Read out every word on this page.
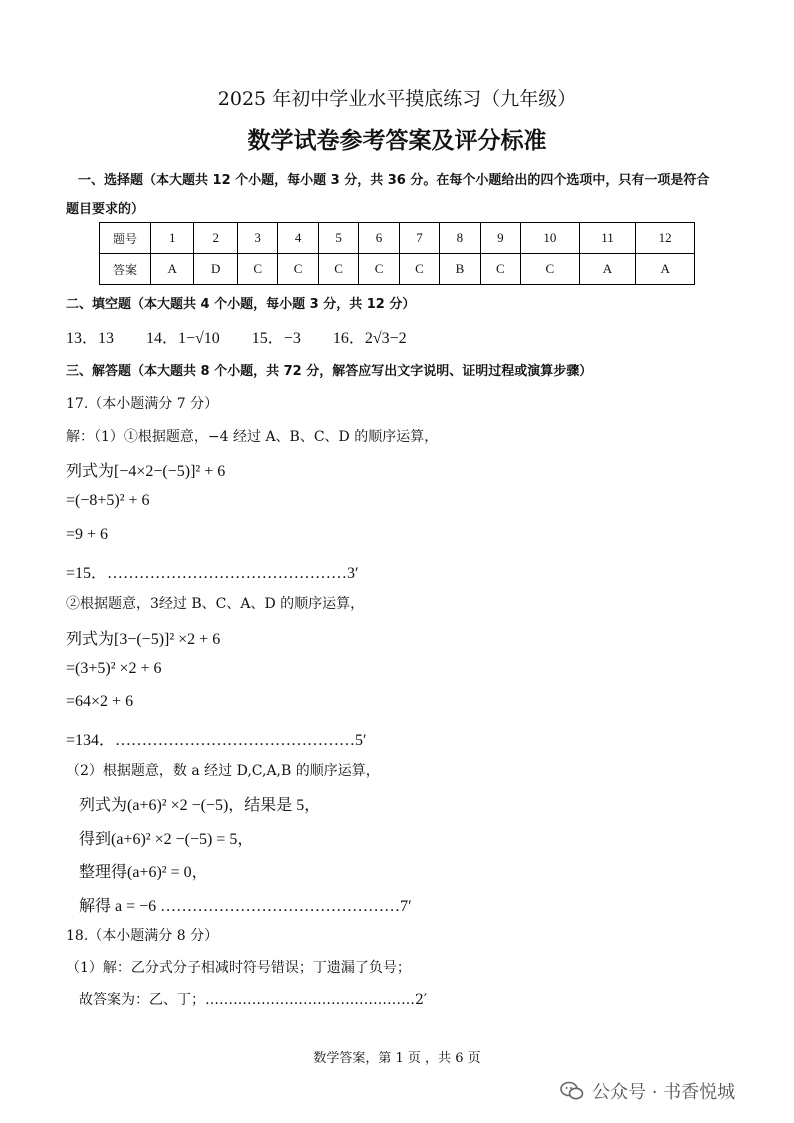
2025 年初中学业水平摸底练习（九年级）
数学试卷参考答案及评分标准
一、选择题（本大题共 12 个小题，每小题 3 分，共 36 分。在每个小题给出的四个选项中，只有一项是符合
题目要求的）
题号	1	2	3	4	5	6	7	8	9	10	11	12
答案	A	D	C	C	C	C	C	B	C	C	A	A
二、填空题（本大题共 4 个小题，每小题 3 分，共 12 分）
13．13　　14．1−√10　　15．−3　　16．2√3−2
三、解答题（本大题共 8 个小题，共 72 分，解答应写出文字说明、证明过程或演算步骤）
17.（本小题满分 7 分）
解：（1）①根据题意，−4 经过 A、B、C、D 的顺序运算，
列式为[−4×2−(−5)]² + 6
=(−8+5)² + 6
=9 + 6
=15．………………………………………3′
②根据题意，3经过 B、C、A、D 的顺序运算，
列式为[3−(−5)]² ×2 + 6
=(3+5)² ×2 + 6
=64×2 + 6
=134．………………………………………5′
（2）根据题意，数 a 经过 D,C,A,B 的顺序运算，
列式为(a+6)² ×2 −(−5)，结果是 5，
得到(a+6)² ×2 −(−5) = 5，
整理得(a+6)² = 0，
解得 a = −6 ………………………………………7′
18.（本小题满分 8 分）
（1）解：乙分式分子相减时符号错误；丁遗漏了负号；
故答案为：乙、丁；………………………………………2′
数学答案，第 1 页 ，共 6 页
公众号 · 书香悦城
